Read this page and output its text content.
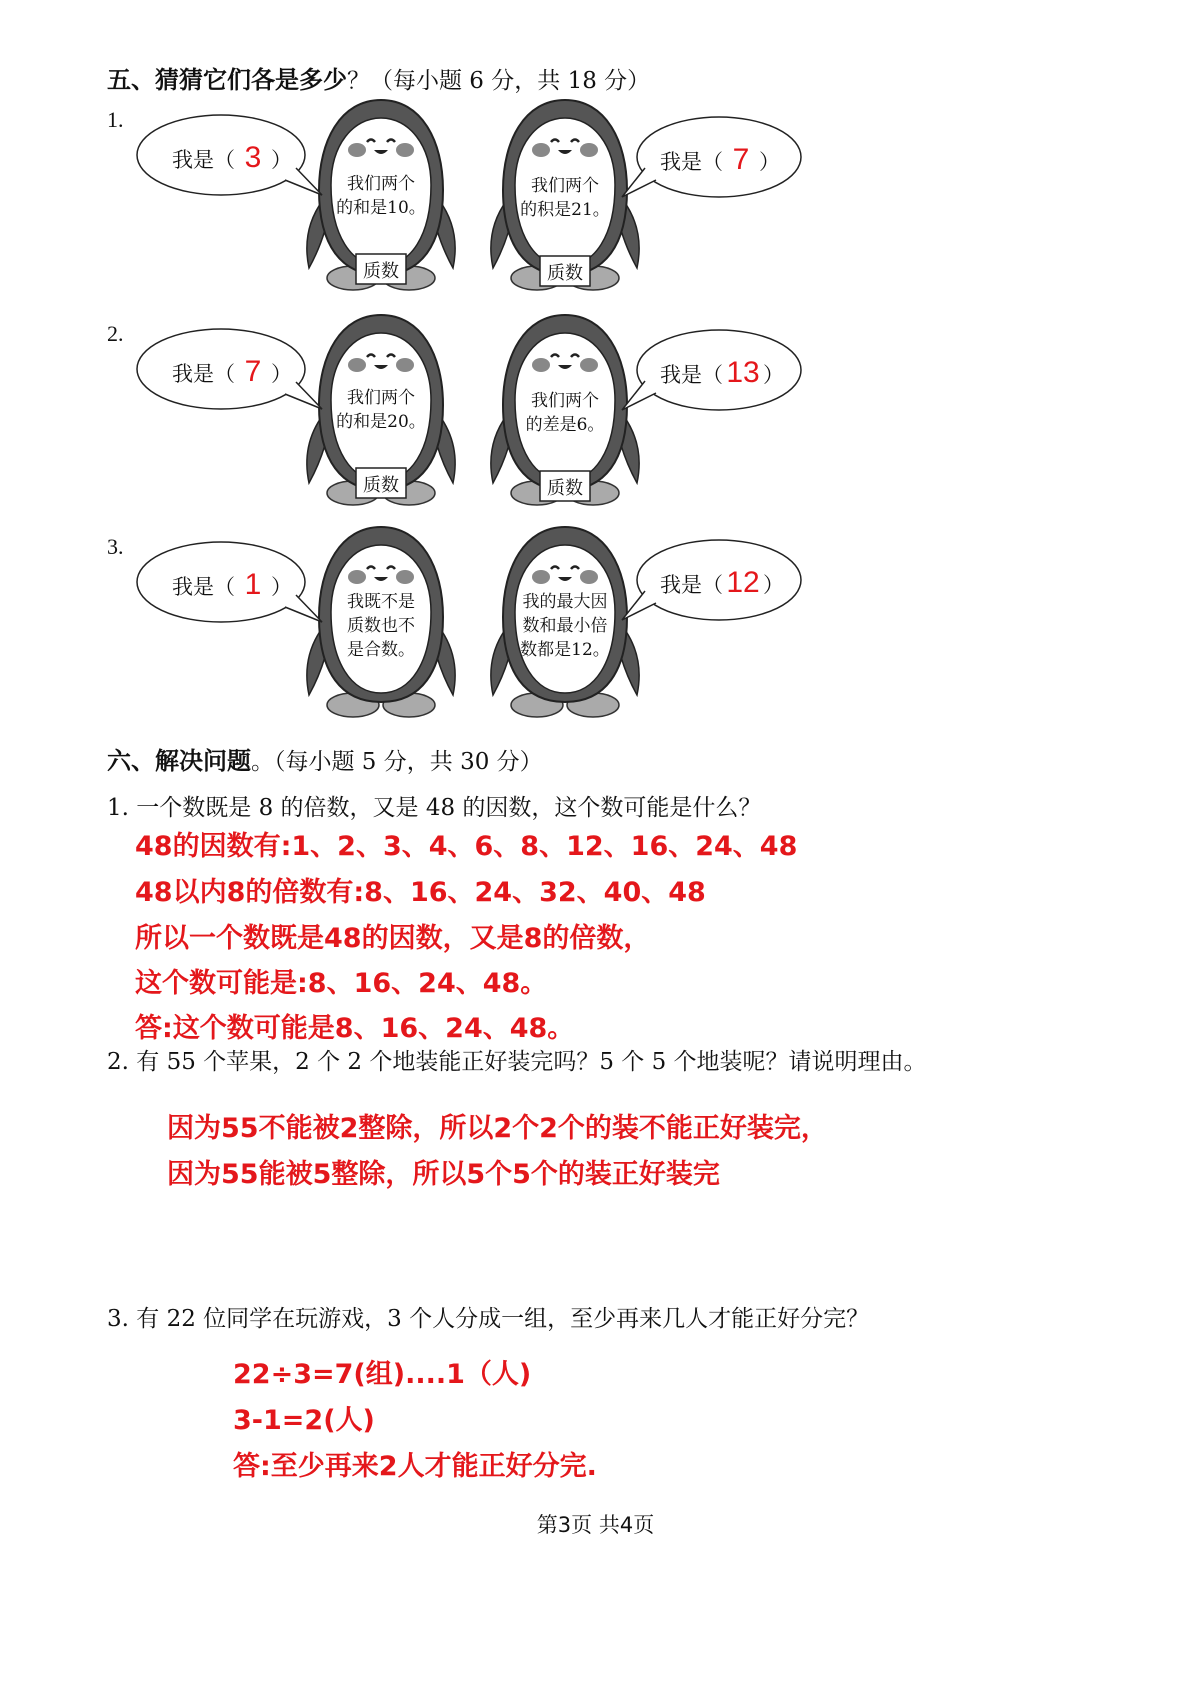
五、猜猜它们各是多少？（每小题 6 分，共 18 分）
1.
我是（ 3 ）	我是（ 7 ）
我们两个
的和是10。
我们两个
的积是21。
质数	质数
2.
我是（ 7 ）	我是（ 13 ）
我们两个
的和是20。
我们两个
的差是6。
质数	质数
3.
我是（ 1 ）	我是（ 12 ）
我既不是
质数也不
是合数。
我的最大因
数和最小倍
数都是12。
六、解决问题。（每小题 5 分，共 30 分）
1. 一个数既是 8 的倍数，又是 48 的因数，这个数可能是什么？
48的因数有:1、2、3、4、6、8、12、16、24、48
48以内8的倍数有:8、16、24、32、40、48
所以一个数既是48的因数，又是8的倍数，
这个数可能是:8、16、24、48。
答:这个数可能是8、16、24、48。
2. 有 55 个苹果，2 个 2 个地装能正好装完吗？5 个 5 个地装呢？请说明理由。
因为55不能被2整除，所以2个2个的装不能正好装完，
因为55能被5整除，所以5个5个的装正好装完
3. 有 22 位同学在玩游戏，3 个人分成一组，至少再来几人才能正好分完？
22÷3=7(组)....1（人)
3-1=2(人)
答:至少再来2人才能正好分完.
第3页 共4页
